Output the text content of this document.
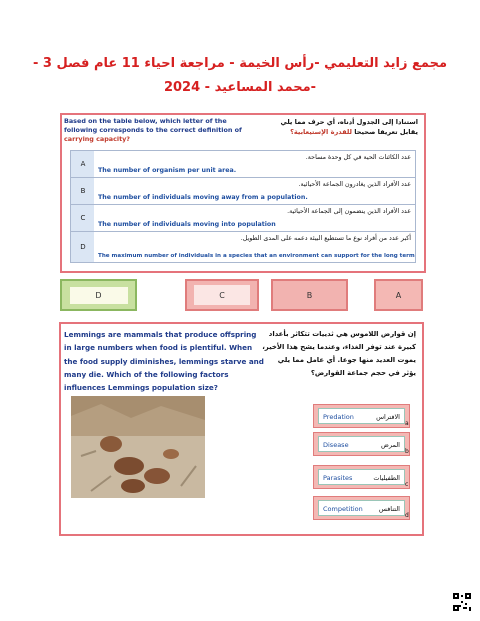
مجمع زايد التعليمي -رأس الخيمة - مراجعة احياء 11 عام فصل 3 -
-محمد المساعيد - 2024
Based on the table below, which letter of the following corresponds to the correct definition of carrying capacity?
استنادا إلى الجدول أدناه، أي حرف مما يلي يقابل تعريفا صحيحا للقدرة الإستيعابية؟
A
عدد الكائنات الحية في كل وحدة مساحة.
The number of organism per unit area.
B
عدد الأفراد الذين يغادرون الجماعة الأحيائية.
The number of individuals moving away from a population.
C
عدد الأفراد الذين ينضمون إلى الجماعة الأحيائية.
The number of individuals moving into population
D
أكبر عدد من أفراد نوع ما تستطيع البيئة دعمه على المدى الطويل.
The maximum number of individuals in a species that an environment can support for the long term
D	C	B	A
Lemmings are mammals that produce offspring in large numbers when food is plentiful. When the food supply diminishes, lemmings starve and many die. Which of the following factors influences Lemmings population size?
إن قوارض اللاموس هي ثدييات تتكاثر بأعداد كبيرة عند توفر الغذاء، وعندما يشح هذا الأخير، يموت العديد منها جوعا. أي عامل مما يلي يؤثر في حجم جماعة القوارض؟
Predation	الافتراس
a
Disease	المرض
b
Parasites	الطفيليات
c
Competition التنافس
d
